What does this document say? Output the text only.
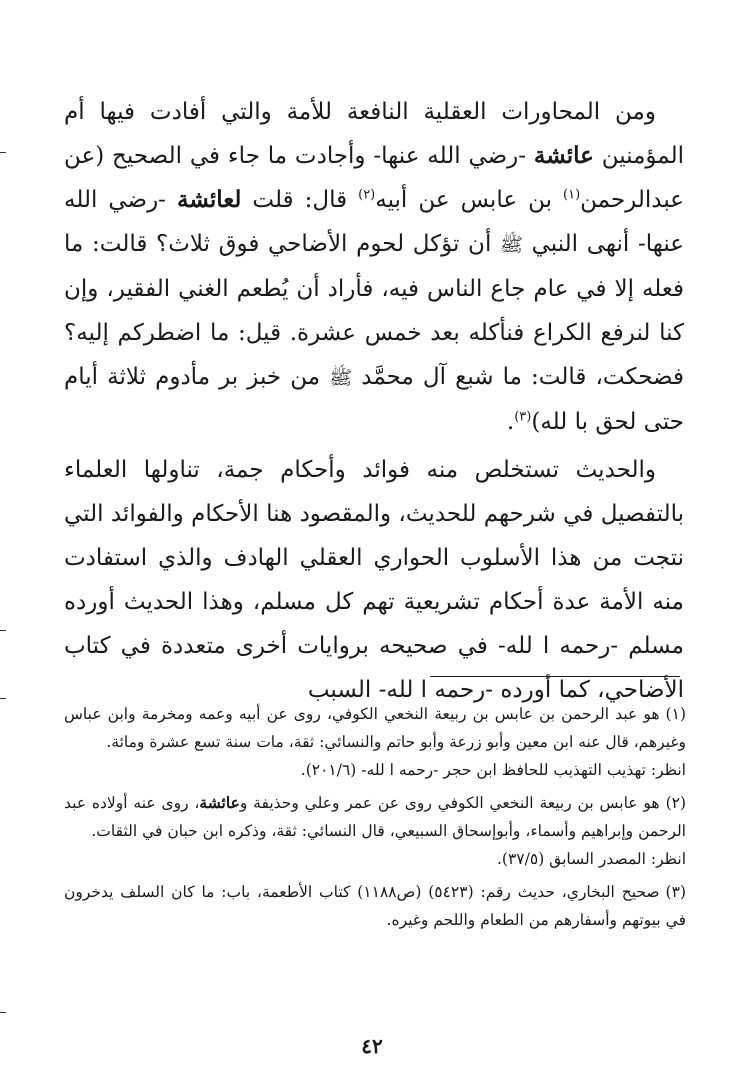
ومن المحاورات العقلية النافعة للأمة والتي أفادت فيها أم المؤمنين عائشة -رضي الله عنها- وأجادت ما جاء في الصحيح (عن عبدالرحمن$^{(١)}$ بن عابس عن أبيه$^{(٢)}$ قال: قلت لعائشة -رضي الله عنها- أنهى النبي ﷺ أن تؤكل لحوم الأضاحي فوق ثلاث؟ قالت: ما فعله إلا في عام جاع الناس فيه، فأراد أن يُطعم الغني الفقير، وإن كنا لنرفع الكراع فنأكله بعد خمس عشرة. قيل: ما اضطركم إليه؟ فضحكت، قالت: ما شبع آل محمَّد ﷺ من خبز بر مأدوم ثلاثة أيام حتى لحق با لله)$^{(٣)}$.

والحديث تستخلص منه فوائد وأحكام جمة، تناولها العلماء بالتفصيل في شرحهم للحديث، والمقصود هنا الأحكام والفوائد التي نتجت من هذا الأسلوب الحواري العقلي الهادف والذي استفادت منه الأمة عدة أحكام تشريعية تهم كل مسلم، وهذا الحديث أورده مسلم -رحمه ا لله- في صحيحه بروايات أخرى متعددة في كتاب الأضاحي، كما أورده -رحمه ا لله- السبب

(١)هو عبد الرحمن بن عابس بن ربيعة النخعي الكوفي، روى عن أبيه وعمه ومخرمة وابن عباس وغيرهم، قال عنه ابن معين وأبو زرعة وأبو حاتم والنسائي: ثقة، مات سنة تسع عشرة ومائة.
انظر: تهذيب التهذيب للحافظ ابن حجر -رحمه ا لله- (٢٠١/٦).
(٢)هو عابس بن ربيعة النخعي الكوفي روى عن عمر وعلي وحذيفة وعائشة، روى عنه أولاده عبد الرحمن وإبراهيم وأسماء، وأبوإسحاق السبيعي، قال النسائي: ثقة، وذكره ابن حبان في الثقات.
انظر: المصدر السابق (٣٧/٥).
(٣)صحيح البخاري، حديث رقم: (٥٤٢٣) (ص١١٨٨) كتاب الأطعمة، باب: ما كان السلف يدخرون في بيوتهم وأسفارهم من الطعام واللحم وغيره.
٤٢
